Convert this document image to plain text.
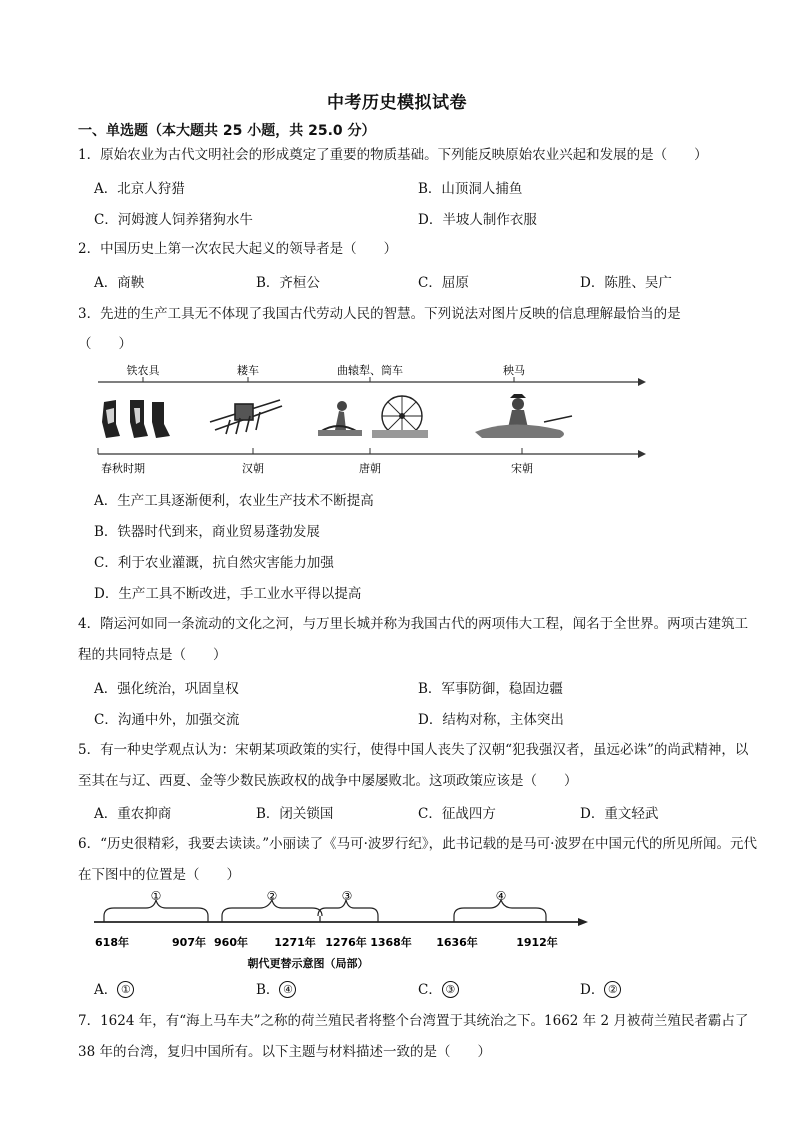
中考历史模拟试卷
一、单选题（本大题共 25 小题，共 25.0 分）
1．原始农业为古代文明社会的形成奠定了重要的物质基础。下列能反映原始农业兴起和发展的是（　　）
A．北京人狩猎	B．山顶洞人捕鱼
C．河姆渡人饲养猪狗水牛	D．半坡人制作衣服
2．中国历史上第一次农民大起义的领导者是（　　）
A．商鞅	B．齐桓公	C．屈原	D．陈胜、吴广
3．先进的生产工具无不体现了我国古代劳动人民的智慧。下列说法对图片反映的信息理解最恰当的是
（　　）
铁农具	耧车	曲辕犁、筒车	秧马
春秋时期	汉朝	唐朝	宋朝
A．生产工具逐渐便利，农业生产技术不断提高
B．铁器时代到来，商业贸易蓬勃发展
C．利于农业灌溉，抗自然灾害能力加强
D．生产工具不断改进，手工业水平得以提高
4．隋运河如同一条流动的文化之河，与万里长城并称为我国古代的两项伟大工程，闻名于全世界。两项古建筑工程的共同特点是（　　）
A．强化统治，巩固皇权	B．军事防御，稳固边疆
C．沟通中外，加强交流	D．结构对称，主体突出
5．有一种史学观点认为：宋朝某项政策的实行，使得中国人丧失了汉朝“犯我强汉者，虽远必诛”的尚武精神，以至其在与辽、西夏、金等少数民族政权的战争中屡屡败北。这项政策应该是（　　）
A．重农抑商	B．闭关锁国	C．征战四方	D．重文轻武
6．“历史很精彩，我要去读读。”小丽读了《马可·波罗行纪》，此书记载的是马可·波罗在中国元代的所见所闻。元代在下图中的位置是（　　）
①	②	③	④
618年	907年 960年 1271年 1276年 1368年 1636年	1912年
朝代更替示意图（局部）
A． ①	B． ④	C． ③	D． ②
7．1624 年，有“海上马车夫”之称的荷兰殖民者将整个台湾置于其统治之下。1662 年 2 月被荷兰殖民者霸占了 38 年的台湾，复归中国所有。以下主题与材料描述一致的是（　　）
